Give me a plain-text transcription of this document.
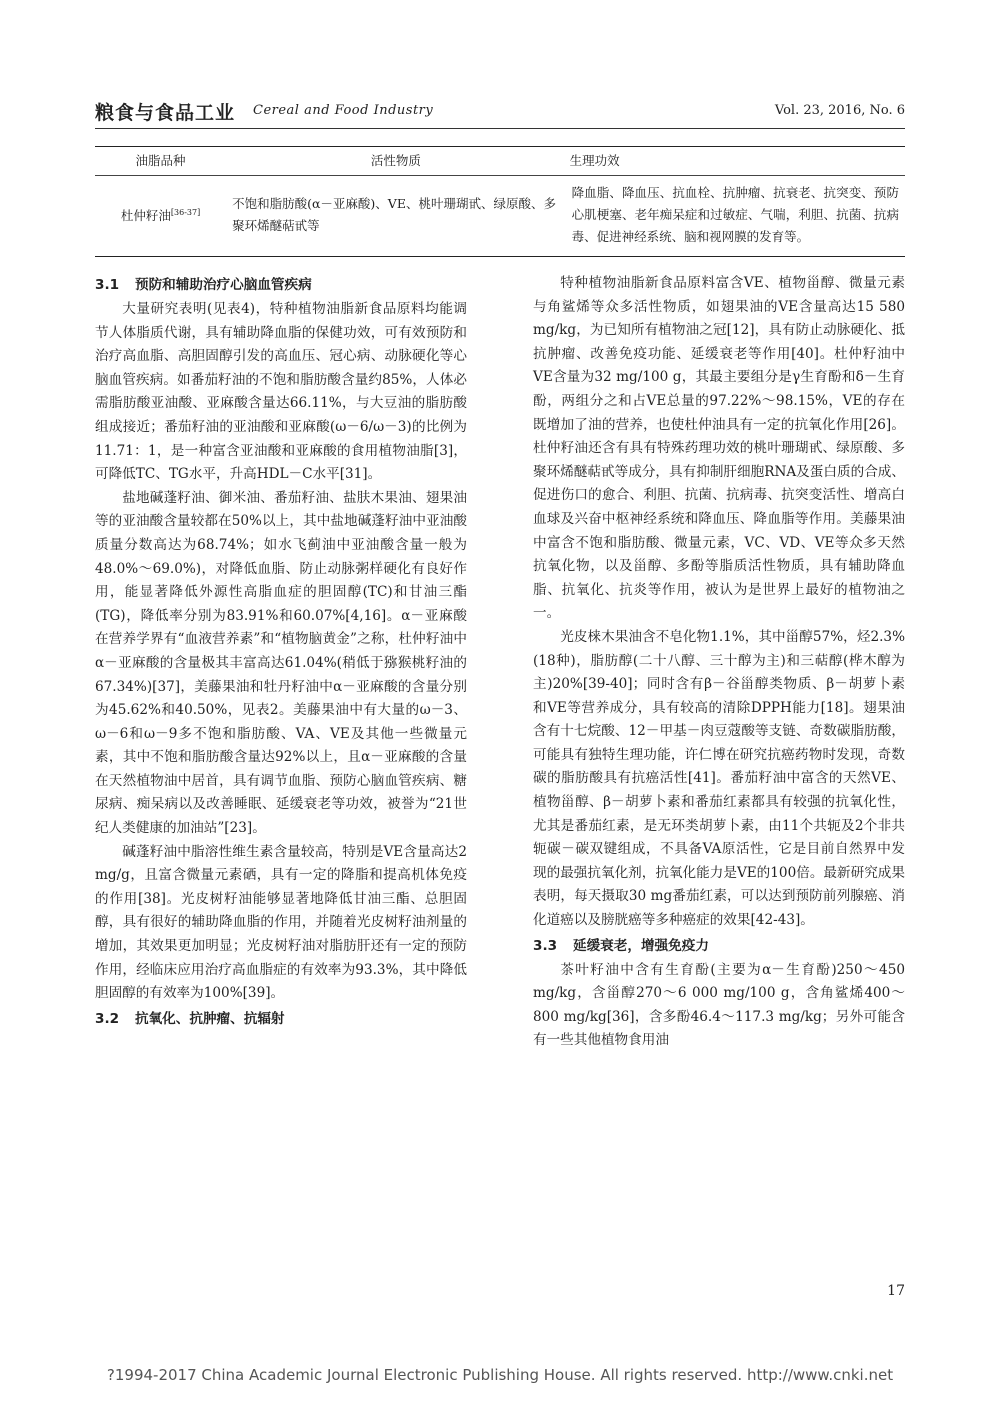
粮食与食品工业 Cereal and Food Industry	Vol. 23, 2016, No. 6
油脂品种	活性物质	生理功效
杜仲籽油[36-37]	不饱和脂肪酸(α－亚麻酸)、VE、桃叶珊瑚甙、绿原酸、多聚环烯醚萜甙等	降血脂、降血压、抗血栓、抗肿瘤、抗衰老、抗突变、预防心肌梗塞、老年痴呆症和过敏症、气喘，利胆、抗菌、抗病毒、促进神经系统、脑和视网膜的发育等。
3.1 预防和辅助治疗心脑血管疾病

大量研究表明(见表4)，特种植物油脂新食品原料均能调节人体脂质代谢，具有辅助降血脂的保健功效，可有效预防和治疗高血脂、高胆固醇引发的高血压、冠心病、动脉硬化等心脑血管疾病。如番茄籽油的不饱和脂肪酸含量约85%，人体必需脂肪酸亚油酸、亚麻酸含量达66.11%，与大豆油的脂肪酸组成接近；番茄籽油的亚油酸和亚麻酸(ω－6/ω－3)的比例为11.71：1，是一种富含亚油酸和亚麻酸的食用植物油脂[3]，可降低TC、TG水平，升高HDL－C水平[31]。

盐地碱蓬籽油、御米油、番茄籽油、盐肤木果油、翅果油等的亚油酸含量较都在50%以上，其中盐地碱蓬籽油中亚油酸质量分数高达为68.74%；如水飞蓟油中亚油酸含量一般为48.0%～69.0%)，对降低血脂、防止动脉粥样硬化有良好作用，能显著降低外源性高脂血症的胆固醇(TC)和甘油三酯(TG)，降低率分别为83.91%和60.07%[4,16]。α－亚麻酸在营养学界有“血液营养素”和“植物脑黄金”之称，杜仲籽油中α－亚麻酸的含量极其丰富高达61.04%(稍低于猕猴桃籽油的67.34%)[37]，美藤果油和牡丹籽油中α－亚麻酸的含量分别为45.62%和40.50%，见表2。美藤果油中有大量的ω－3、ω－6和ω－9多不饱和脂肪酸、VA、VE及其他一些微量元素，其中不饱和脂肪酸含量达92%以上，且α－亚麻酸的含量在天然植物油中居首，具有调节血脂、预防心脑血管疾病、糖尿病、痴呆病以及改善睡眠、延缓衰老等功效，被誉为“21世纪人类健康的加油站”[23]。

碱蓬籽油中脂溶性维生素含量较高，特别是VE含量高达2 mg/g，且富含微量元素硒，具有一定的降脂和提高机体免疫的作用[38]。光皮树籽油能够显著地降低甘油三酯、总胆固醇，具有很好的辅助降血脂的作用，并随着光皮树籽油剂量的增加，其效果更加明显；光皮树籽油对脂肪肝还有一定的预防作用，经临床应用治疗高血脂症的有效率为93.3%，其中降低胆固醇的有效率为100%[39]。

3.2 抗氧化、抗肿瘤、抗辐射

特种植物油脂新食品原料富含VE、植物甾醇、微量元素与角鲨烯等众多活性物质，如翅果油的VE含量高达15 580 mg/kg，为已知所有植物油之冠[12]，具有防止动脉硬化、抵抗肿瘤、改善免疫功能、延缓衰老等作用[40]。杜仲籽油中VE含量为32 mg/100 g，其最主要组分是γ生育酚和δ－生育酚，两组分之和占VE总量的97.22%～98.15%，VE的存在既增加了油的营养，也使杜仲油具有一定的抗氧化作用[26]。杜仲籽油还含有具有特殊药理功效的桃叶珊瑚甙、绿原酸、多聚环烯醚萜甙等成分，具有抑制肝细胞RNA及蛋白质的合成、促进伤口的愈合、利胆、抗菌、抗病毒、抗突变活性、增高白血球及兴奋中枢神经系统和降血压、降血脂等作用。美藤果油中富含不饱和脂肪酸、微量元素，VC、VD、VE等众多天然抗氧化物，以及甾醇、多酚等脂质活性物质，具有辅助降血脂、抗氧化、抗炎等作用，被认为是世界上最好的植物油之一。

光皮梾木果油含不皂化物1.1%，其中甾醇57%，烃2.3%(18种)，脂肪醇(二十八醇、三十醇为主)和三萜醇(桦木醇为主)20%[39-40]；同时含有β－谷甾醇类物质、β－胡萝卜素和VE等营养成分，具有较高的清除DPPH能力[18]。翅果油含有十七烷酸、12－甲基－肉豆蔻酸等支链、奇数碳脂肪酸，可能具有独特生理功能，许仁博在研究抗癌药物时发现，奇数碳的脂肪酸具有抗癌活性[41]。番茄籽油中富含的天然VE、植物甾醇、β－胡萝卜素和番茄红素都具有较强的抗氧化性，尤其是番茄红素，是无环类胡萝卜素，由11个共轭及2个非共轭碳－碳双键组成，不具备VA原活性，它是目前自然界中发现的最强抗氧化剂，抗氧化能力是VE的100倍。最新研究成果表明，每天摄取30 mg番茄红素，可以达到预防前列腺癌、消化道癌以及膀胱癌等多种癌症的效果[42-43]。

3.3 延缓衰老，增强免疫力

茶叶籽油中含有生育酚(主要为α－生育酚)250～450 mg/kg，含甾醇270～6 000 mg/100 g，含角鲨烯400～800 mg/kg[36]，含多酚46.4～117.3 mg/kg；另外可能含有一些其他植物食用油

17
?1994-2017 China Academic Journal Electronic Publishing House. All rights reserved. http://www.cnki.net
